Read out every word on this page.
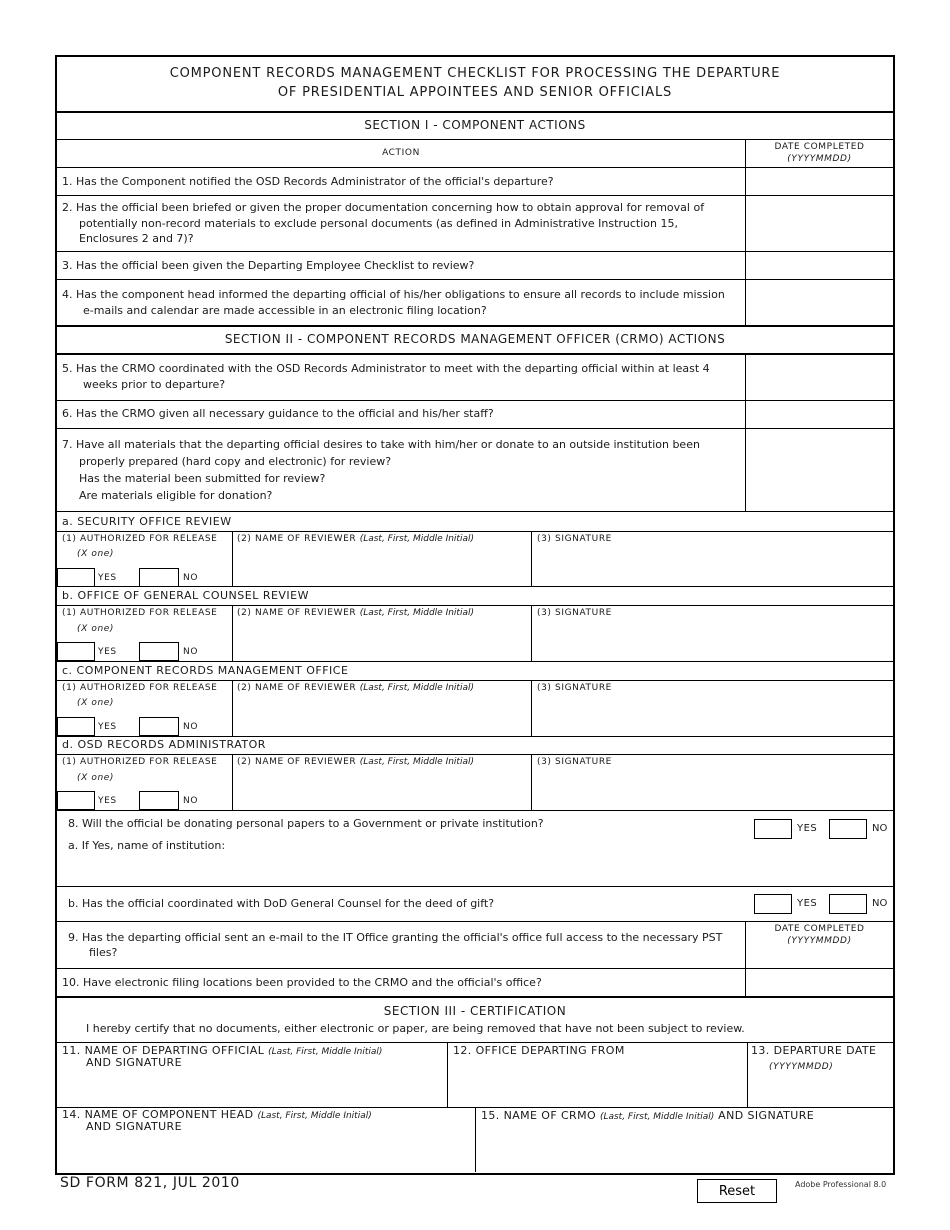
COMPONENT RECORDS MANAGEMENT CHECKLIST FOR PROCESSING THE DEPARTURE
OF PRESIDENTIAL APPOINTEES AND SENIOR OFFICIALS
SECTION I - COMPONENT ACTIONS
ACTION
DATE COMPLETED
(YYYYMMDD)
1. Has the Component notified the OSD Records Administrator of the official's departure?
2. Has the official been briefed or given the proper documentation concerning how to obtain approval for removal of
potentially non-record materials to exclude personal documents (as defined in Administrative Instruction 15,
Enclosures 2 and 7)?
3. Has the official been given the Departing Employee Checklist to review?
4. Has the component head informed the departing official of his/her obligations to ensure all records to include mission
e-mails and calendar are made accessible in an electronic filing location?
SECTION II - COMPONENT RECORDS MANAGEMENT OFFICER (CRMO) ACTIONS
5. Has the CRMO coordinated with the OSD Records Administrator to meet with the departing official within at least 4
weeks prior to departure?
6. Has the CRMO given all necessary guidance to the official and his/her staff?
7. Have all materials that the departing official desires to take with him/her or donate to an outside institution been
properly prepared (hard copy and electronic) for review?
Has the material been submitted for review?
Are materials eligible for donation?
a. SECURITY OFFICE REVIEW
(1) AUTHORIZED FOR RELEASE
(X one)
YES	NO
(2) NAME OF REVIEWER (Last, First, Middle Initial)	(3) SIGNATURE
b. OFFICE OF GENERAL COUNSEL REVIEW
(1) AUTHORIZED FOR RELEASE
(X one)
YES	NO
(2) NAME OF REVIEWER (Last, First, Middle Initial)	(3) SIGNATURE
c. COMPONENT RECORDS MANAGEMENT OFFICE
(1) AUTHORIZED FOR RELEASE
(X one)
YES	NO
(2) NAME OF REVIEWER (Last, First, Middle Initial)	(3) SIGNATURE
d. OSD RECORDS ADMINISTRATOR
(1) AUTHORIZED FOR RELEASE
(X one)
YES	NO
(2) NAME OF REVIEWER (Last, First, Middle Initial)	(3) SIGNATURE
8. Will the official be donating personal papers to a Government or private institution?	YES	NO
a. If Yes, name of institution:
b. Has the official coordinated with DoD General Counsel for the deed of gift?	YES	NO
9. Has the departing official sent an e-mail to the IT Office granting the official's office full access to the necessary PST
files?
DATE COMPLETED
(YYYYMMDD)
10. Have electronic filing locations been provided to the CRMO and the official's office?
SECTION III - CERTIFICATION
I hereby certify that no documents, either electronic or paper, are being removed that have not been subject to review.
11. NAME OF DEPARTING OFFICIAL (Last, First, Middle Initial)
AND SIGNATURE
12. OFFICE DEPARTING FROM	13. DEPARTURE DATE
(YYYYMMDD)
14. NAME OF COMPONENT HEAD (Last, First, Middle Initial)
AND SIGNATURE
15. NAME OF CRMO (Last, First, Middle Initial) AND SIGNATURE
SD FORM 821, JUL 2010	Reset	Adobe Professional 8.0
